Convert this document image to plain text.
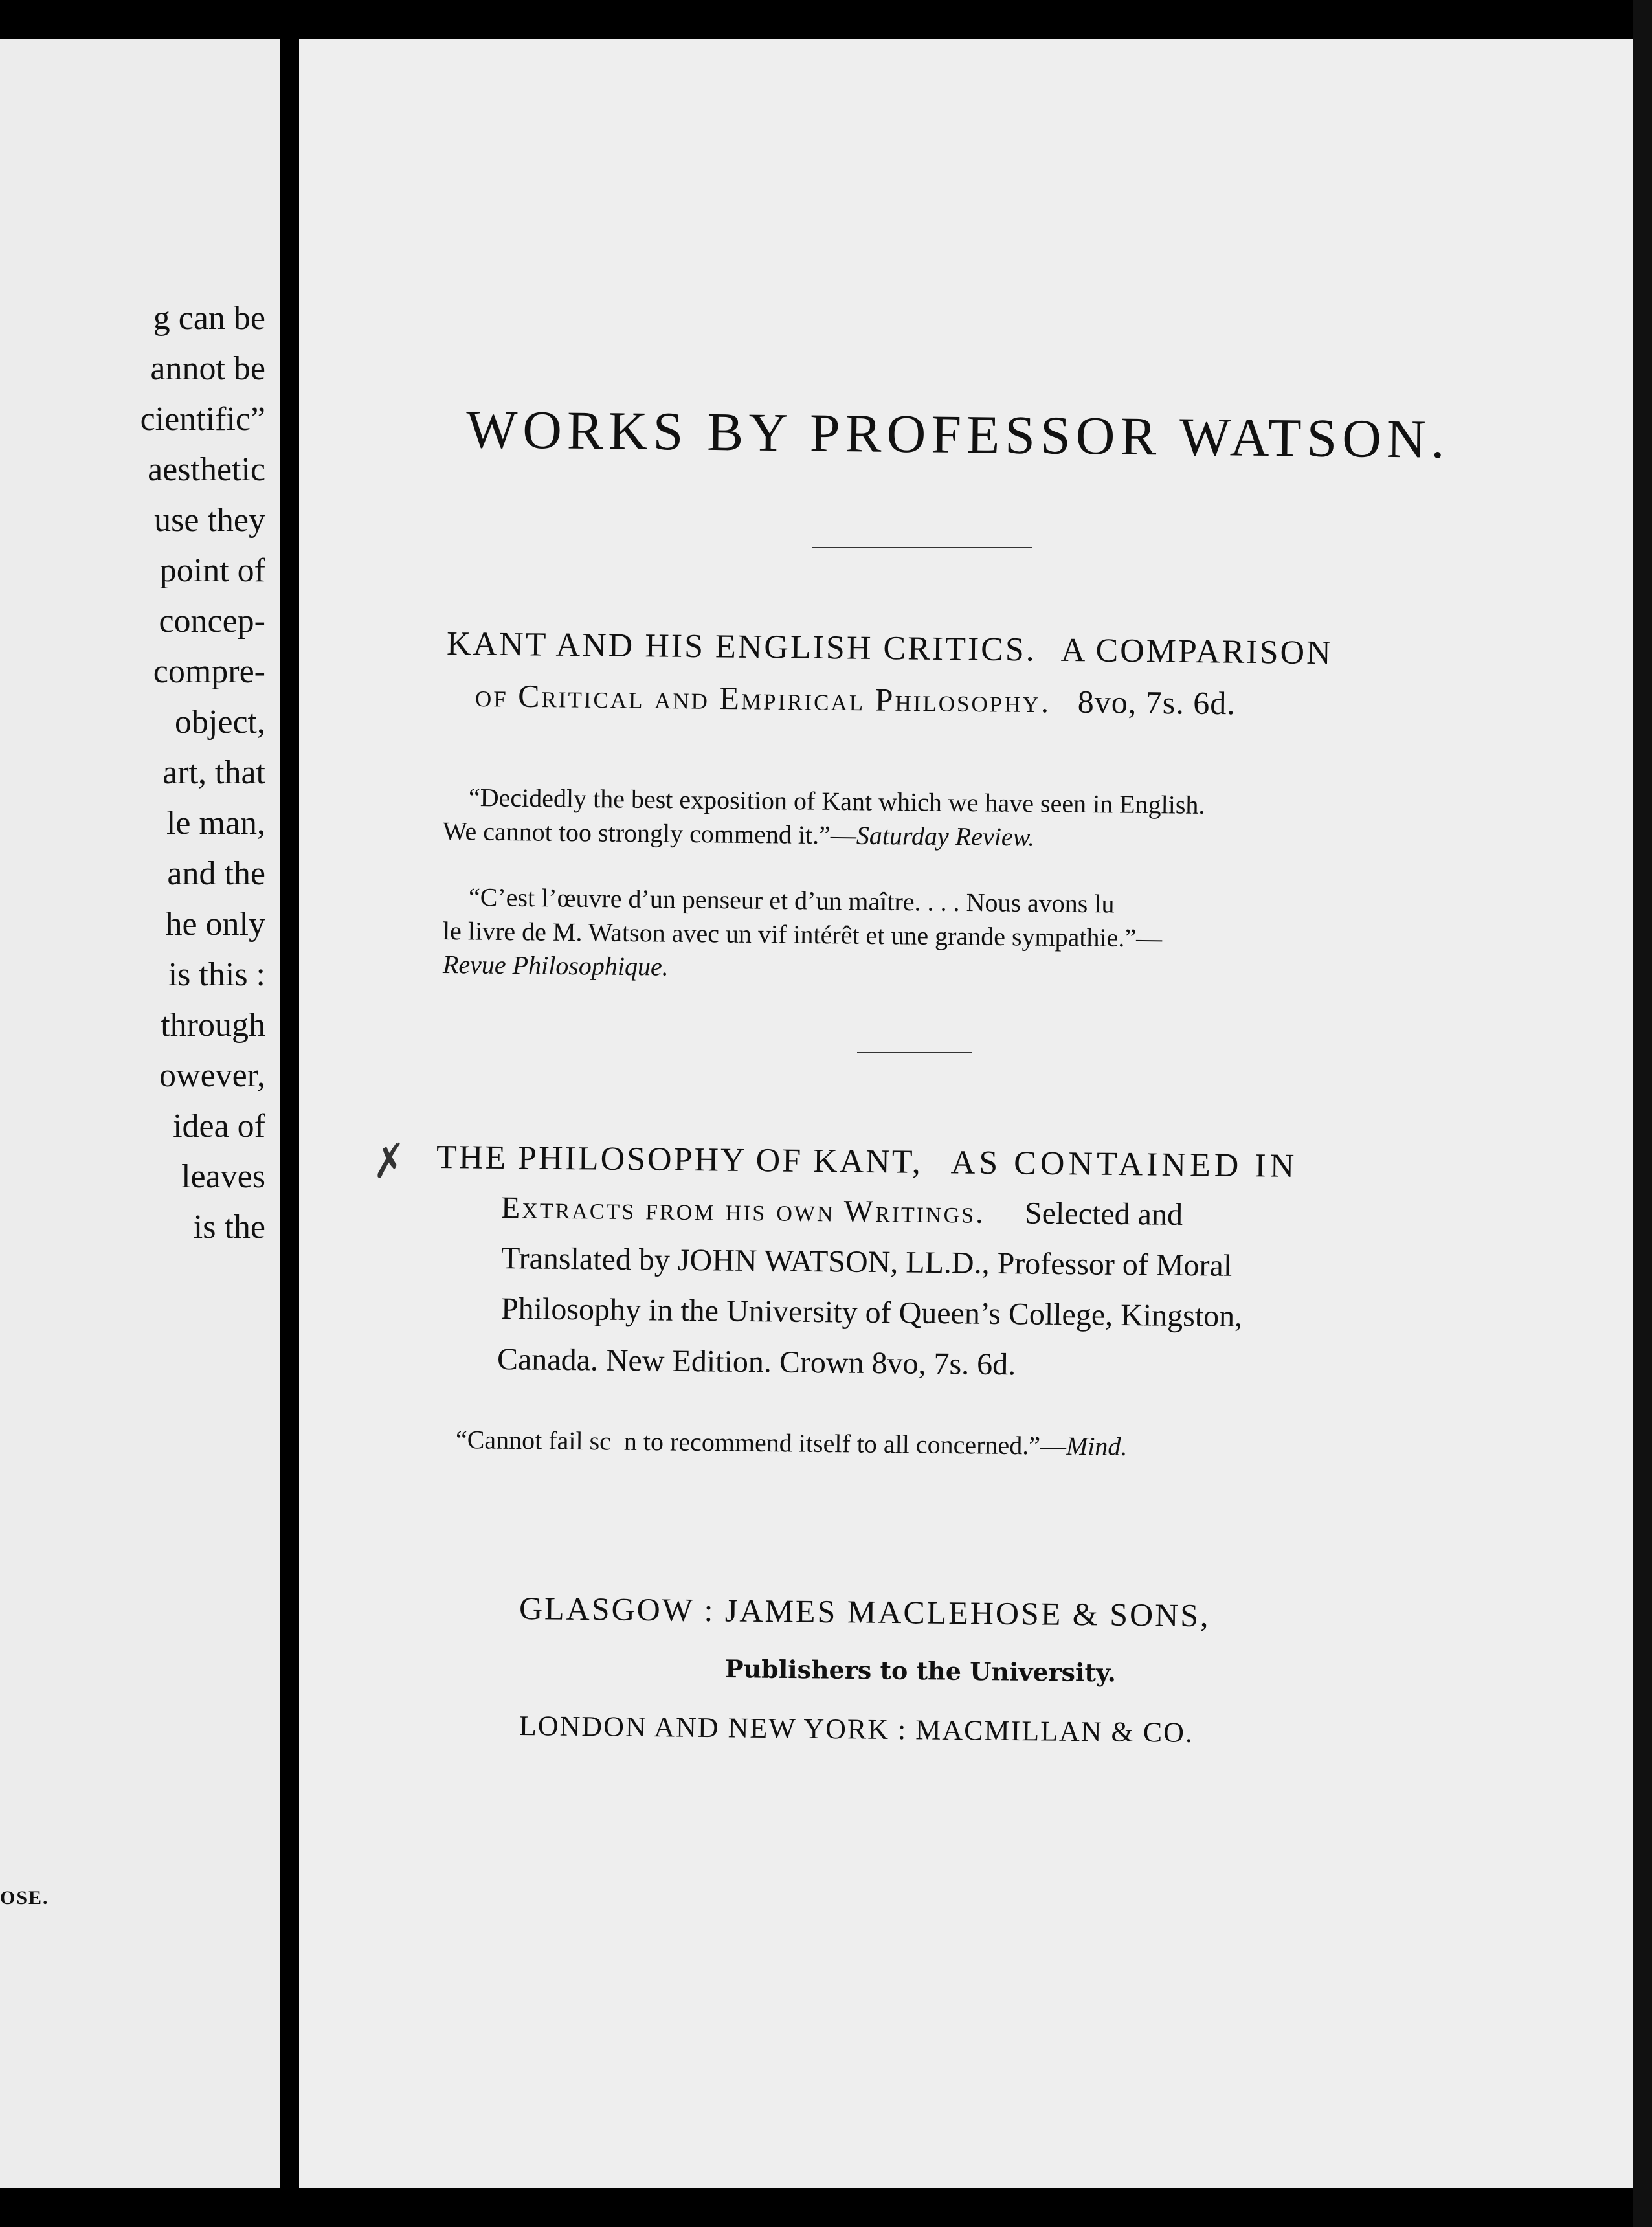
g can be
annot be
cientific”
aesthetic
use they
point of
concep-
compre-
object,
art, that
le man,
and the
he only
is this :
through
owever,
idea of
leaves
is the
OSE.
WORKS BY PROFESSOR WATSON.
KANT AND HIS ENGLISH CRITICS. A COMPARISON
of Critical and Empirical Philosophy. 8vo, 7s. 6d.
“Decidedly the best exposition of Kant which we have seen in English.
We cannot too strongly commend it.”—Saturday Review.
“C’est l’œuvre d’un penseur et d’un maître. . . . Nous avons lu
le livre de M. Watson avec un vif intérêt et une grande sympathie.”—
Revue Philosophique.
✗ THE PHILOSOPHY OF KANT, AS CONTAINED IN
Extracts from his own Writings. Selected and
Translated by JOHN WATSON, LL.D., Professor of Moral
Philosophy in the University of Queen’s College, Kingston,
Canada. New Edition. Crown 8vo, 7s. 6d.
“Cannot fail sc  n to recommend itself to all concerned.”—Mind.
GLASGOW : JAMES MACLEHOSE & SONS,
Publishers to the University.
LONDON AND NEW YORK : MACMILLAN & CO.
